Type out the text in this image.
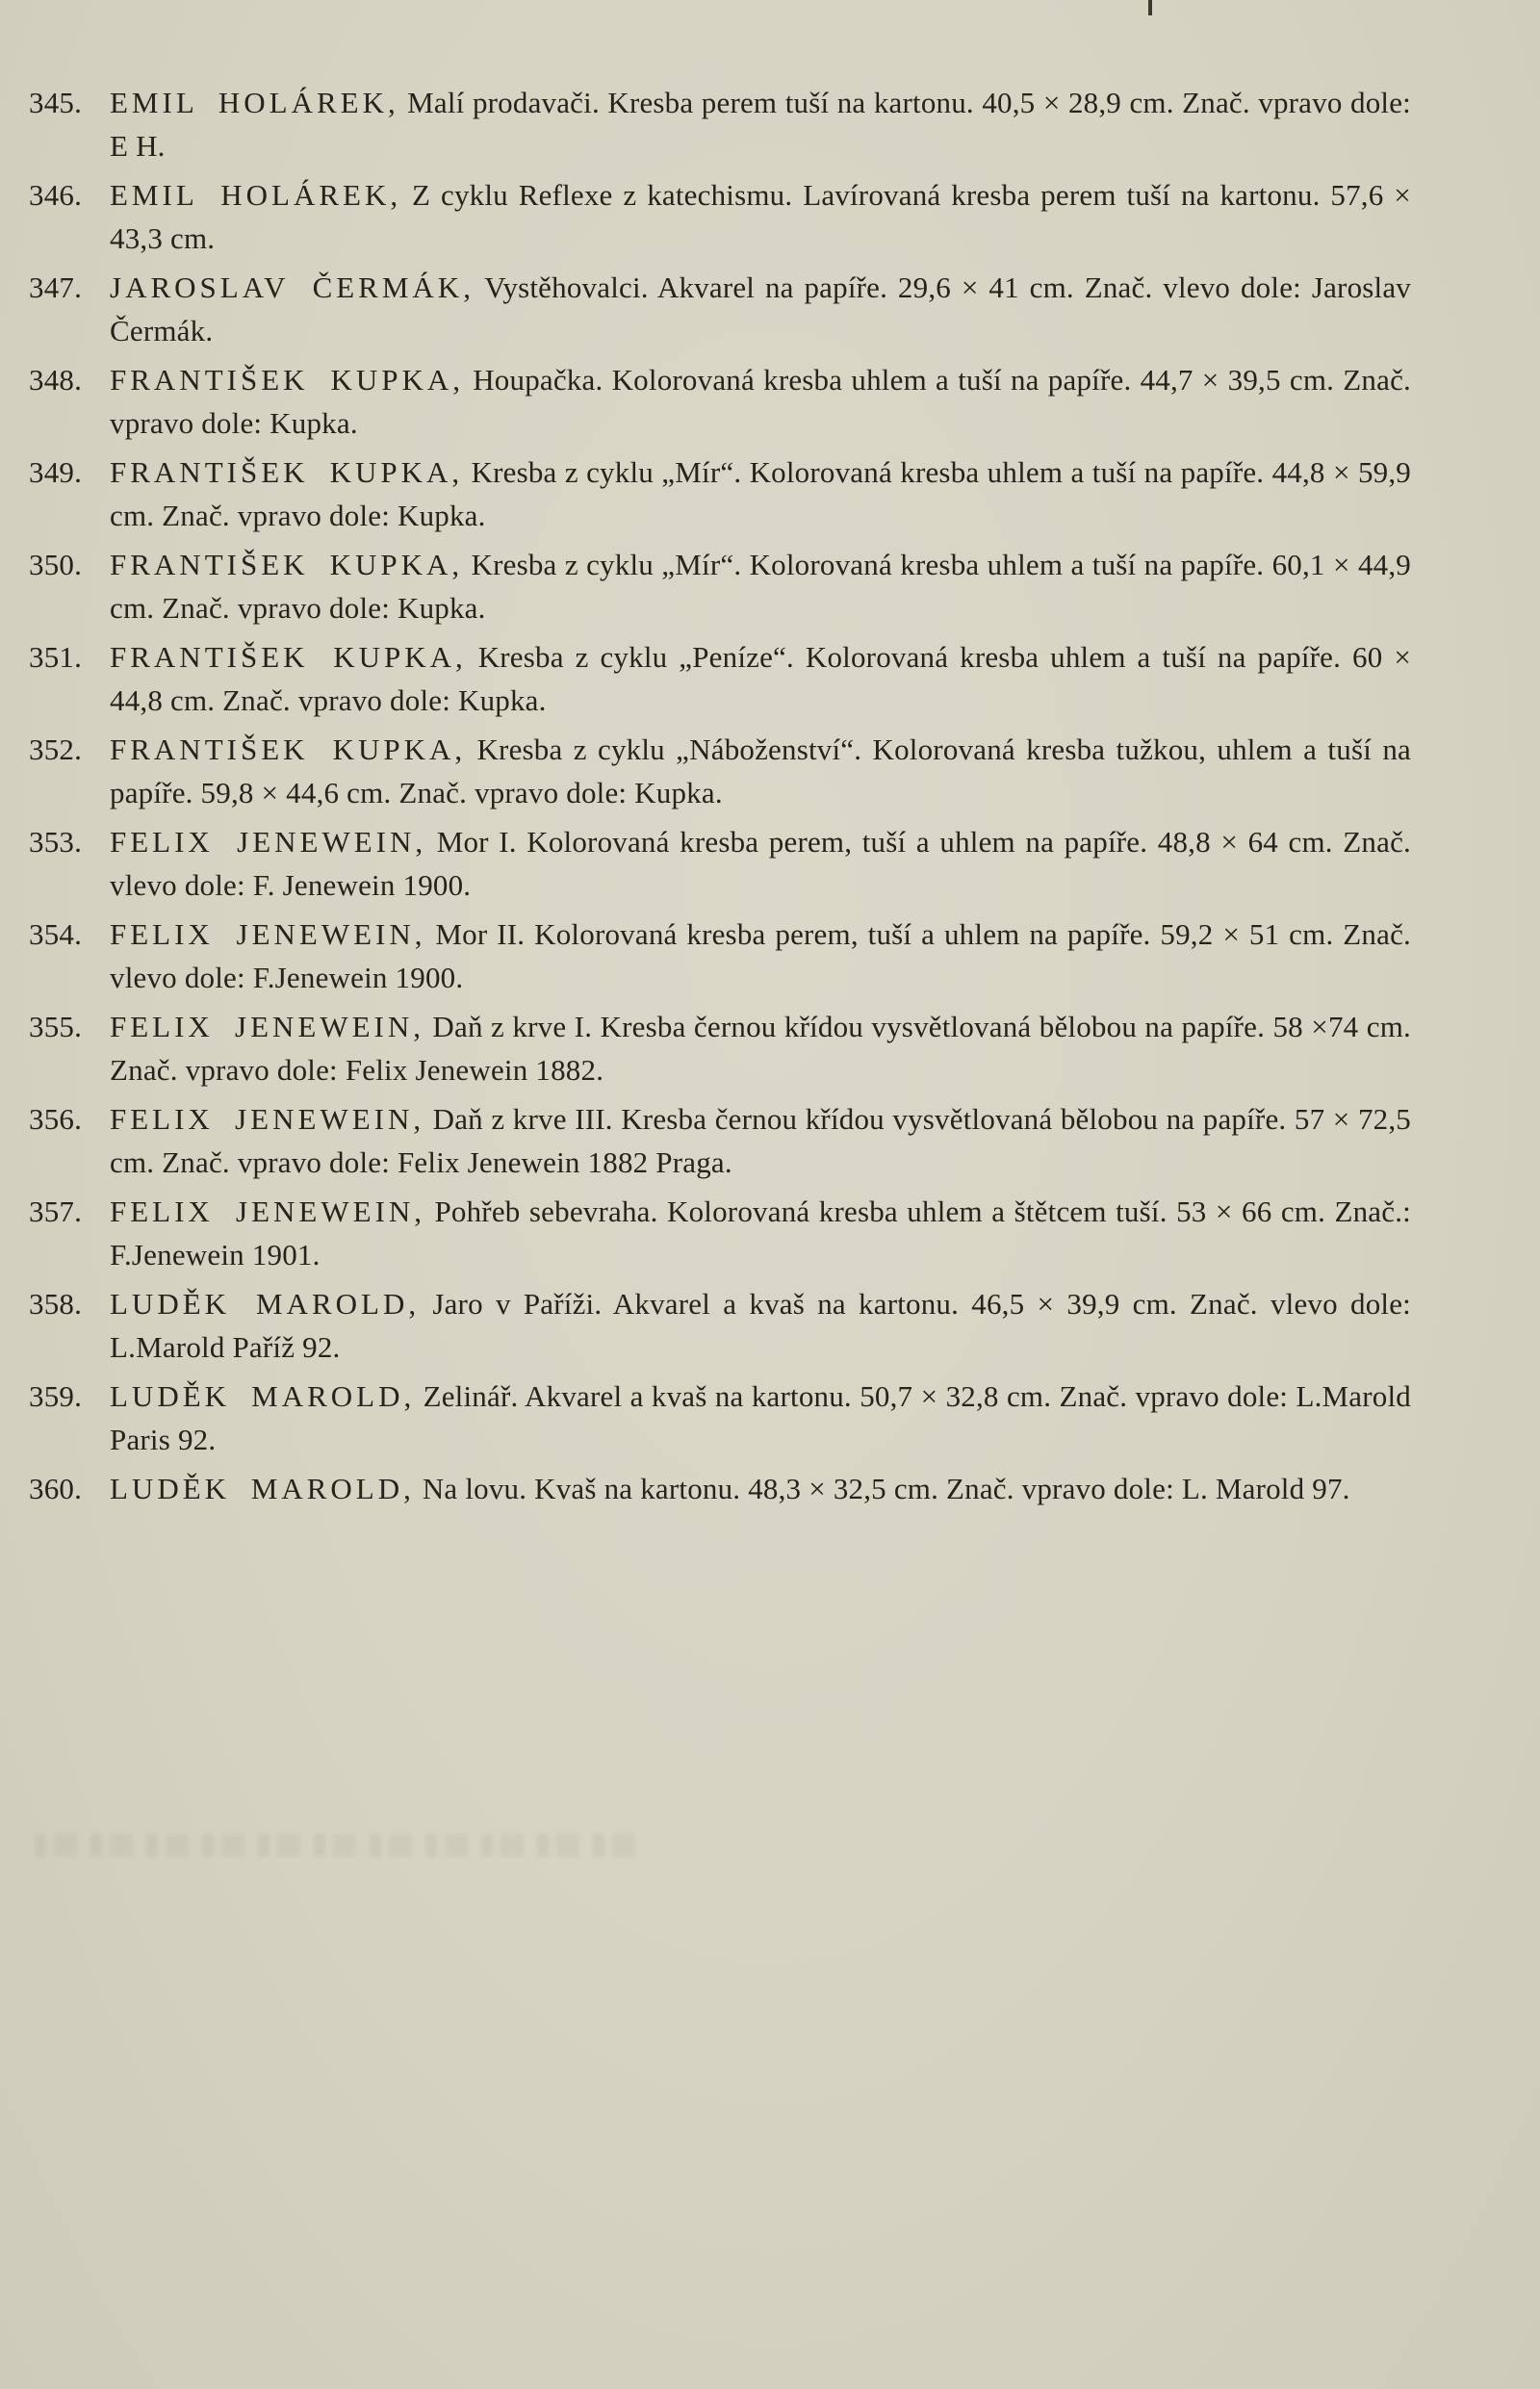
345. EMIL HOLÁREK, Malí prodavači. Kresba perem tuší na kartonu. 40,5 × 28,9 cm. Znač. vpravo dole: E H.
346. EMIL HOLÁREK, Z cyklu Reflexe z katechismu. Lavírovaná kresba perem tuší na kartonu. 57,6 × 43,3 cm.
347. JAROSLAV ČERMÁK, Vystěhovalci. Akvarel na papíře. 29,6 × 41 cm. Znač. vlevo dole: Jaroslav Čermák.
348. FRANTIŠEK KUPKA, Houpačka. Kolorovaná kresba uhlem a tuší na papíře. 44,7 × 39,5 cm. Znač. vpravo dole: Kupka.
349. FRANTIŠEK KUPKA, Kresba z cyklu „Mír“. Kolorovaná kresba uhlem a tuší na papíře. 44,8 × 59,9 cm. Znač. vpravo dole: Kupka.
350. FRANTIŠEK KUPKA, Kresba z cyklu „Mír“. Kolorovaná kresba uhlem a tuší na papíře. 60,1 × 44,9 cm. Znač. vpravo dole: Kupka.
351. FRANTIŠEK KUPKA, Kresba z cyklu „Peníze“. Kolorovaná kresba uhlem a tuší na papíře. 60 × 44,8 cm. Znač. vpravo dole: Kupka.
352. FRANTIŠEK KUPKA, Kresba z cyklu „Náboženství“. Kolorovaná kresba tužkou, uhlem a tuší na papíře. 59,8 × 44,6 cm. Znač. vpravo dole: Kupka.
353. FELIX JENEWEIN, Mor I. Kolorovaná kresba perem, tuší a uhlem na papíře. 48,8 × 64 cm. Znač. vlevo dole: F. Jenewein 1900.
354. FELIX JENEWEIN, Mor II. Kolorovaná kresba perem, tuší a uhlem na papíře. 59,2 × 51 cm. Znač. vlevo dole: F.Jenewein 1900.
355. FELIX JENEWEIN, Daň z krve I. Kresba černou křídou vysvětlovaná bělobou na papíře. 58 ×74 cm. Znač. vpravo dole: Felix Jenewein 1882.
356. FELIX JENEWEIN, Daň z krve III. Kresba černou křídou vysvětlovaná bělobou na papíře. 57 × 72,5 cm. Znač. vpravo dole: Felix Jenewein 1882 Praga.
357. FELIX JENEWEIN, Pohřeb sebevraha. Kolorovaná kresba uhlem a štětcem tuší. 53 × 66 cm. Znač.: F.Jenewein 1901.
358. LUDĚK MAROLD, Jaro v Paříži. Akvarel a kvaš na kartonu. 46,5 × 39,9 cm. Znač. vlevo dole: L.Marold Paříž 92.
359. LUDĚK MAROLD, Zelinář. Akvarel a kvaš na kartonu. 50,7 × 32,8 cm. Znač. vpravo dole: L.Marold Paris 92.
360. LUDĚK MAROLD, Na lovu. Kvaš na kartonu. 48,3 × 32,5 cm. Znač. vpravo dole: L. Marold 97.
